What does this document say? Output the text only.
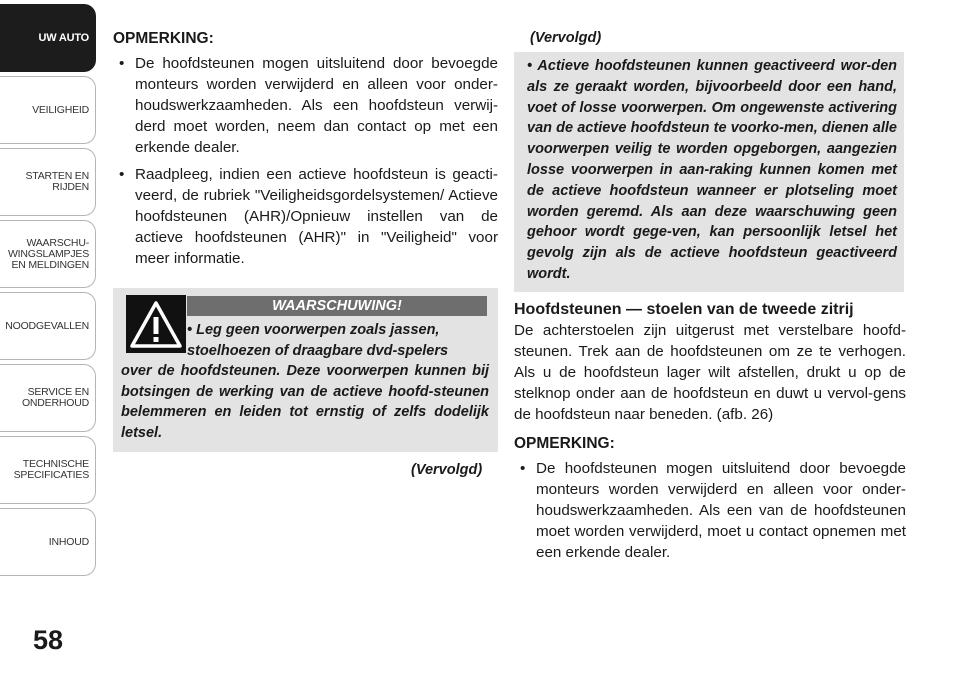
UW AUTO
VEILIGHEID
STARTEN EN
RIJDEN
WAARSCHU-
WINGSLAMPJES
EN MELDINGEN
NOODGEVALLEN
SERVICE EN
ONDERHOUD
TECHNISCHE
SPECIFICATIES
INHOUD
58
OPMERKING:
• De hoofdsteunen mogen uitsluitend door bevoegde monteurs worden verwijderd en alleen voor onder-houdswerkzaamheden. Als een hoofdsteun verwij-derd moet worden, neem dan contact op met een erkende dealer.
• Raadpleeg, indien een actieve hoofdsteun is geacti-veerd, de rubriek "Veiligheidsgordelsystemen/ Actieve hoofdsteunen (AHR)/Opnieuw instellen van de actieve hoofdsteunen (AHR)" in "Veiligheid" voor meer informatie.
WAARSCHUWING!
• Leg geen voorwerpen zoals jassen,
stoelhoezen of draagbare dvd-spelers
over de hoofdsteunen. Deze voorwerpen kunnen bij botsingen de werking van de actieve hoofd-steunen belemmeren en leiden tot ernstig of zelfs dodelijk letsel.
(Vervolgd)
(Vervolgd)
• Actieve hoofdsteunen kunnen geactiveerd wor-den als ze geraakt worden, bijvoorbeeld door een hand, voet of losse voorwerpen. Om ongewenste activering van de actieve hoofdsteun te voorko-men, dienen alle voorwerpen veilig te worden opgeborgen, aangezien losse voorwerpen in aan-raking kunnen komen met de actieve hoofdsteun wanneer er plotseling moet worden geremd. Als aan deze waarschuwing geen gehoor wordt gege-ven, kan persoonlijk letsel het gevolg zijn als de actieve hoofdsteun geactiveerd wordt.
Hoofdsteunen — stoelen van de tweede zitrij

De achterstoelen zijn uitgerust met verstelbare hoofd-steunen. Trek aan de hoofdsteunen om ze te verhogen. Als u de hoofdsteun lager wilt afstellen, drukt u op de stelknop onder aan de hoofdsteun en duwt u vervol-gens de hoofdsteun naar beneden. (afb. 26)

OPMERKING:
• De hoofdsteunen mogen uitsluitend door bevoegde monteurs worden verwijderd en alleen voor onder-houdswerkzaamheden. Als een van de hoofdsteunen moet worden verwijderd, moet u contact opnemen met een erkende dealer.
